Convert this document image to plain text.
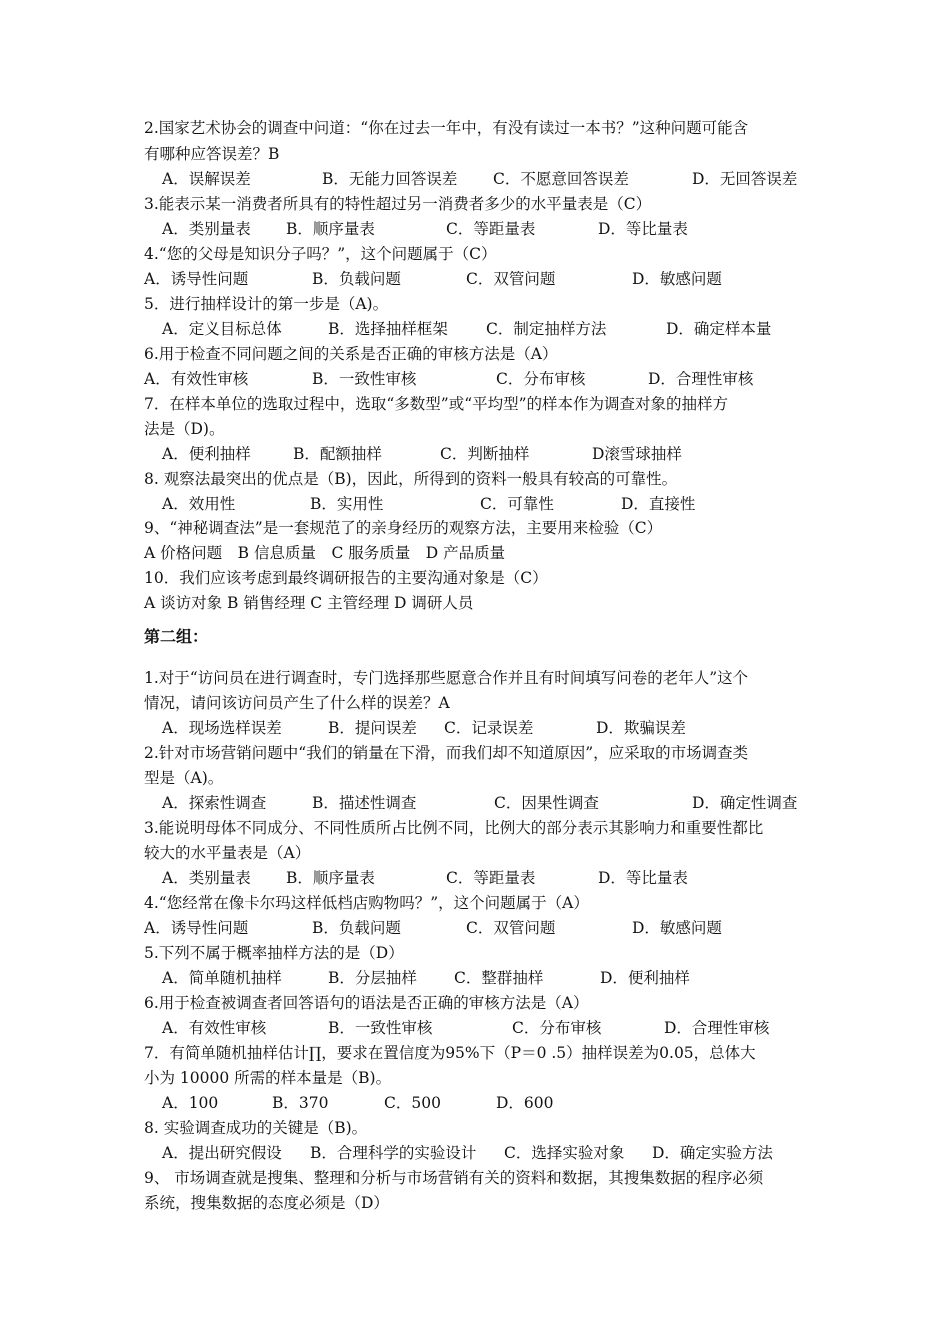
2.国家艺术协会的调查中问道：“你在过去一年中，有没有读过一本书？”这种问题可能含
有哪种应答误差？B
A．误解误差	B．无能力回答误差 C．不愿意回答误差	D．无回答误差
3.能表示某一消费者所具有的特性超过另一消费者多少的水平量表是（C）
A．类别量表 B．顺序量表	C．等距量表	D．等比量表
4.“您的父母是知识分子吗？”，这个问题属于（C）
A．诱导性问题	B．负载问题	C．双管问题	D．敏感问题
5．进行抽样设计的第一步是（A)。
A．定义目标总体	B．选择抽样框架 C．制定抽样方法	D．确定样本量
6.用于检查不同问题之间的关系是否正确的审核方法是（A）
A．有效性审核	B．一致性审核	C．分布审核	D．合理性审核
7．在样本单位的选取过程中，选取“多数型”或“平均型”的样本作为调查对象的抽样方
法是（D)。
A．便利抽样	B．配额抽样	C．判断抽样	D滚雪球抽样
8. 观察法最突出的优点是（B)，因此，所得到的资料一般具有较高的可靠性。
A．效用性	B．实用性	C．可靠性	D．直接性
9、“神秘调查法”是一套规范了的亲身经历的观察方法，主要用来检验（C）
A 价格问题　B 信息质量　C 服务质量　D 产品质量
10．我们应该考虑到最终调研报告的主要沟通对象是（C）
A 谈访对象 B 销售经理 C 主管经理 D 调研人员
第二组：
1.对于“访问员在进行调查时，专门选择那些愿意合作并且有时间填写问卷的老年人”这个
情况，请问该访问员产生了什么样的误差？A
A．现场选样误差	B．提问误差 C．记录误差	D．欺骗误差
2.针对市场营销问题中“我们的销量在下滑，而我们却不知道原因”，应采取的市场调查类
型是（A)。
A．探索性调查	B．描述性调查	C．因果性调查	D．确定性调查
3.能说明母体不同成分、不同性质所占比例不同，比例大的部分表示其影响力和重要性都比
较大的水平量表是（A）
A．类别量表 B．顺序量表	C．等距量表	D．等比量表
4.“您经常在像卡尔玛这样低档店购物吗？”，这个问题属于（A）
A．诱导性问题	B．负载问题	C．双管问题	D．敏感问题
5.下列不属于概率抽样方法的是（D）
A．简单随机抽样	B．分层抽样 C．整群抽样	D．便利抽样
6.用于检查被调查者回答语句的语法是否正确的审核方法是（A）
A．有效性审核	B．一致性审核	C．分布审核	D．合理性审核
7．有简单随机抽样估计∏，要求在置信度为95%下（P＝0 .5）抽样误差为0.05，总体大
小为 10000 所需的样本量是（B)。
A．100	B．370	C．500	D．600
8. 实验调查成功的关键是（B)。
A．提出研究假设 B．合理科学的实验设计 C．选择实验对象 D．确定实验方法
9、 市场调查就是搜集、整理和分析与市场营销有关的资料和数据，其搜集数据的程序必须
系统，搜集数据的态度必须是（D）
